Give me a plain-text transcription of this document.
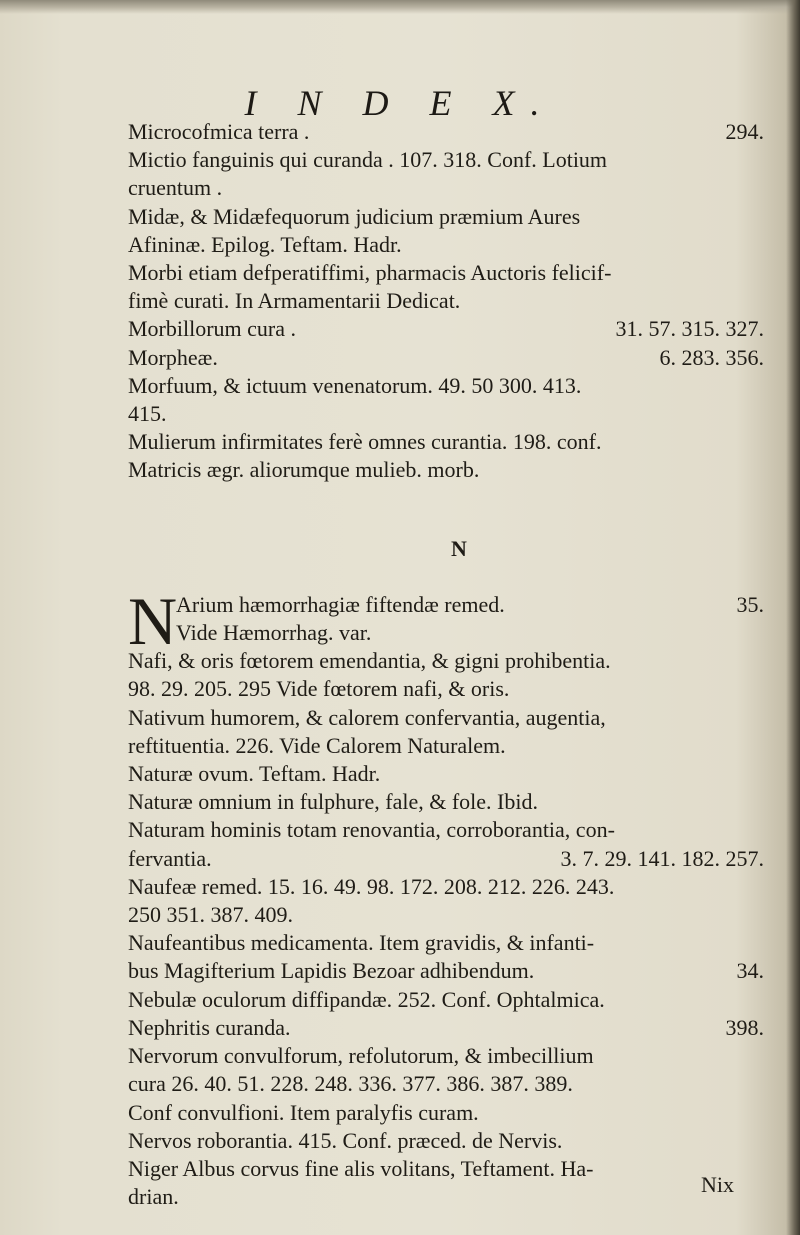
I N D E X.
Microcofmica terra .	294.
Mictio fanguinis qui curanda . 107. 318. Conf. Lotium
cruentum .
Midæ, & Midæfequorum judicium præmium Aures
Afininæ. Epilog. Teftam. Hadr.
Morbi etiam defperatiffimi, pharmacis Auctoris felicif-
fimè curati. In Armamentarii Dedicat.
Morbillorum cura .	31. 57. 315. 327.
Morpheæ.	6. 283. 356.
Morfuum, & ictuum venenatorum. 49. 50 300. 413.
415.
Mulierum infirmitates ferè omnes curantia. 198. conf.
Matricis ægr. aliorumque mulieb. morb.
N
N
Arium hæmorrhagiæ fiftendæ remed.	35.
Vide Hæmorrhag. var.
Nafi, & oris fœtorem emendantia, & gigni prohibentia.
98. 29. 205. 295 Vide fœtorem nafi, & oris.
Nativum humorem, & calorem confervantia, augentia,
reftituentia. 226. Vide Calorem Naturalem.
Naturæ ovum. Teftam. Hadr.
Naturæ omnium in fulphure, fale, & fole. Ibid.
Naturam hominis totam renovantia, corroborantia, con-
fervantia.	3. 7. 29. 141. 182. 257.
Naufeæ remed. 15. 16. 49. 98. 172. 208. 212. 226. 243.
250 351. 387. 409.
Naufeantibus medicamenta. Item gravidis, & infanti-
bus Magifterium Lapidis Bezoar adhibendum.	34.
Nebulæ oculorum diffipandæ. 252. Conf. Ophtalmica.
Nephritis curanda.	398.
Nervorum convulforum, refolutorum, & imbecillium
cura 26. 40. 51. 228. 248. 336. 377. 386. 387. 389.
Conf convulfioni. Item paralyfis curam.
Nervos roborantia. 415. Conf. præced. de Nervis.
Niger Albus corvus fine alis volitans, Teftament. Ha-
drian.	Nix
